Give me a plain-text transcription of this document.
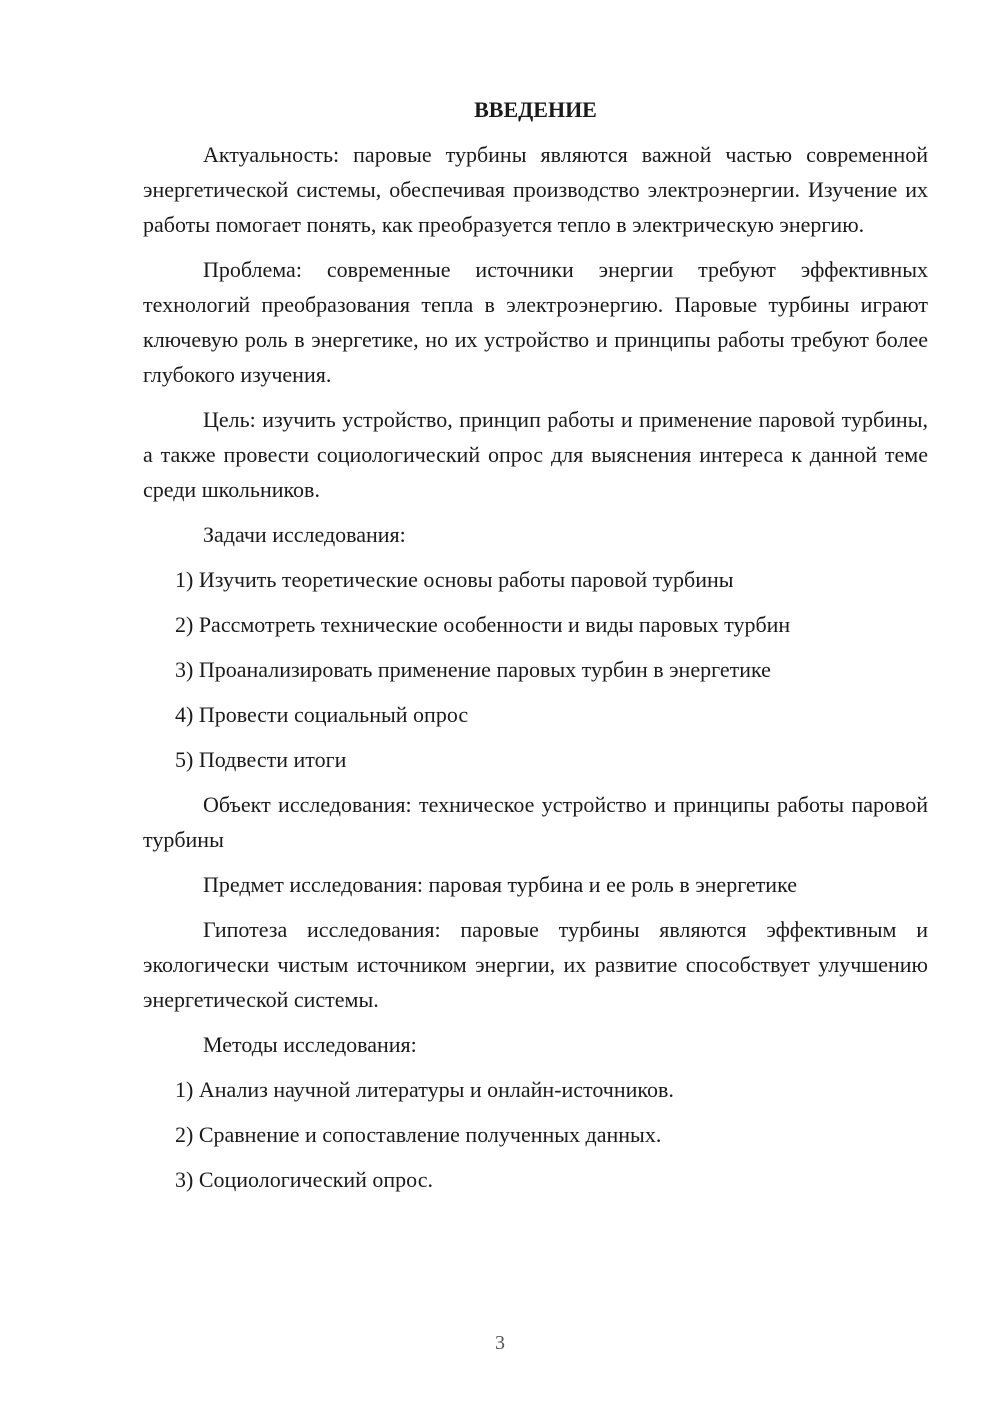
ВВЕДЕНИЕ

Актуальность: паровые турбины являются важной частью современной энергетической системы, обеспечивая производство электроэнергии. Изучение их работы помогает понять, как преобразуется тепло в электрическую энергию.

Проблема: современные источники энергии требуют эффективных технологий преобразования тепла в электроэнергию. Паровые турбины играют ключевую роль в энергетике, но их устройство и принципы работы требуют более глубокого изучения.

Цель: изучить устройство, принцип работы и применение паровой турбины, а также провести социологический опрос для выяснения интереса к данной теме среди школьников.

Задачи исследования:

1) Изучить теоретические основы работы паровой турбины

2) Рассмотреть технические особенности и виды паровых турбин

3) Проанализировать применение паровых турбин в энергетике

4) Провести социальный опрос

5) Подвести итоги

Объект исследования: техническое устройство и принципы работы паровой турбины

Предмет исследования: паровая турбина и ее роль в энергетике

Гипотеза исследования: паровые турбины являются эффективным и экологически чистым источником энергии, их развитие способствует улучшению энергетической системы.

Методы исследования:

1) Анализ научной литературы и онлайн-источников.

2) Сравнение и сопоставление полученных данных.

3) Социологический опрос.

3
